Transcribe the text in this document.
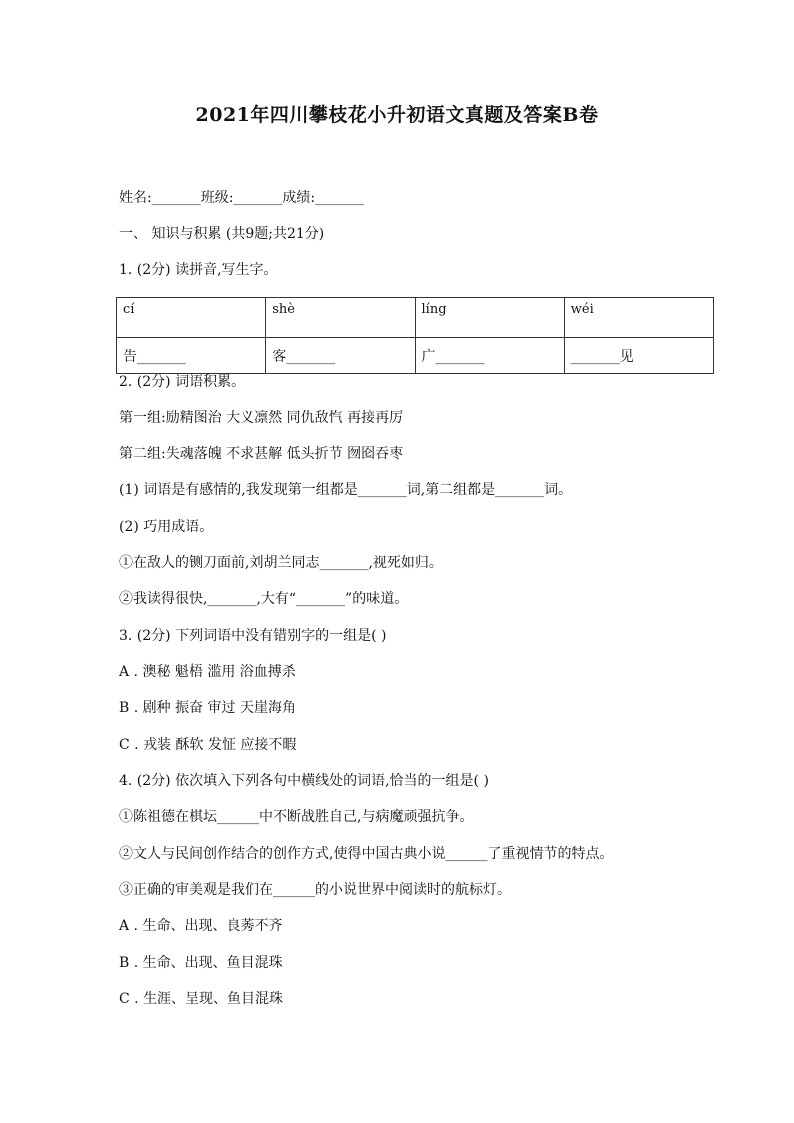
2021年四川攀枝花小升初语文真题及答案B卷
姓名:_______班级:_______成绩:_______
一、 知识与积累 (共9题;共21分)
1. (2分) 读拼音,写生字。
cí	shè	líng	wéi
告_______	客_______	广_______	_______见
2. (2分) 词语积累。
第一组:励精图治 大义凛然 同仇敌忾 再接再厉
第二组:失魂落魄 不求甚解 低头折节 囫囵吞枣
(1) 词语是有感情的,我发现第一组都是_______词,第二组都是_______词。
(2) 巧用成语。
①在敌人的铡刀面前,刘胡兰同志_______,视死如归。
②我读得很快,_______,大有“_______”的味道。
3. (2分) 下列词语中没有错别字的一组是( )
A . 澳秘 魁梧 滥用 浴血搏杀
B . 剧种 振奋 审过 天崖海角
C . 戎装 酥软 发怔 应接不暇
4. (2分) 依次填入下列各句中横线处的词语,恰当的一组是( )
①陈祖德在棋坛______中不断战胜自己,与病魔顽强抗争。
②文人与民间创作结合的创作方式,使得中国古典小说______了重视情节的特点。
③正确的审美观是我们在______的小说世界中阅读时的航标灯。
A . 生命、出现、良莠不齐
B . 生命、出现、鱼目混珠
C . 生涯、呈现、鱼目混珠
